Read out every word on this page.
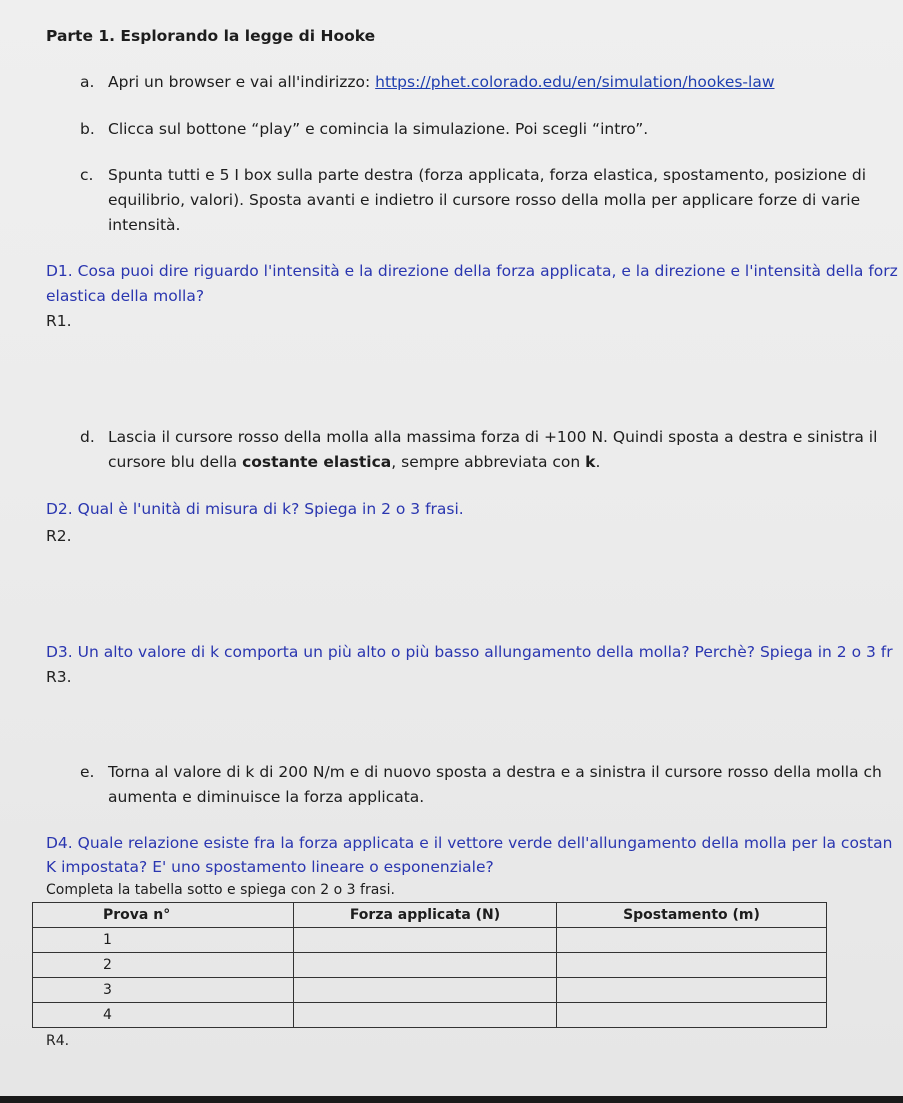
Parte 1. Esplorando la legge di Hooke
a. Apri un browser e vai all'indirizzo: https://phet.colorado.edu/en/simulation/hookes-law
b. Clicca sul bottone “play” e comincia la simulazione. Poi scegli “intro”.
c. Spunta tutti e 5 I box sulla parte destra (forza applicata, forza elastica, spostamento, posizione di
equilibrio, valori). Sposta avanti e indietro il cursore rosso della molla per applicare forze di varie
intensità.
D1. Cosa puoi dire riguardo l'intensità e la direzione della forza applicata, e la direzione e l'intensità della forz
elastica della molla?
R1.
d. Lascia il cursore rosso della molla alla massima forza di +100 N. Quindi sposta a destra e sinistra il
cursore blu della costante elastica, sempre abbreviata con k.
D2. Qual è l'unità di misura di k? Spiega in 2 o 3 frasi.
R2.
D3. Un alto valore di k comporta un più alto o più basso allungamento della molla? Perchè? Spiega in 2 o 3 fr
R3.
e. Torna al valore di k di 200 N/m e di nuovo sposta a destra e a sinistra il cursore rosso della molla ch
aumenta e diminuisce la forza applicata.
D4. Quale relazione esiste fra la forza applicata e il vettore verde dell'allungamento della molla per la costan
K impostata? E' uno spostamento lineare o esponenziale?
Completa la tabella sotto e spiega con 2 o 3 frasi.
Prova n°	Forza applicata (N)	Spostamento (m)
1		
2		
3		
4		
R4.
